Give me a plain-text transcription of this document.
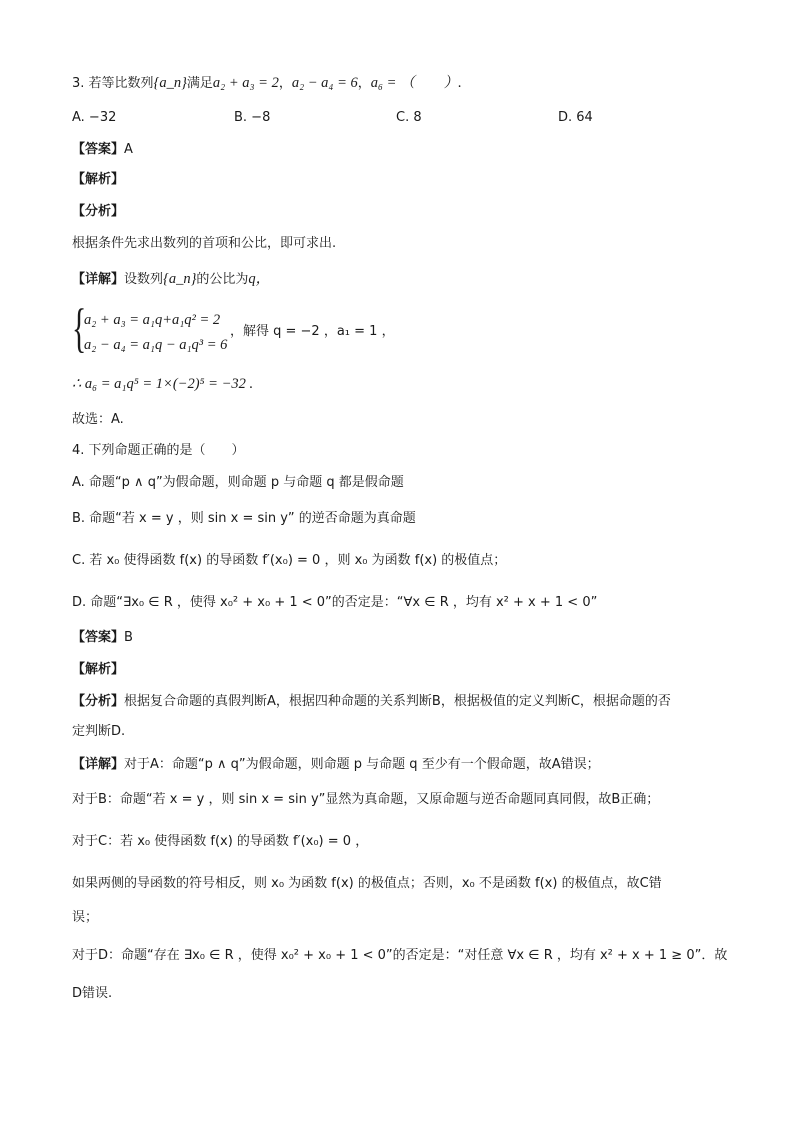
3. 若等比数列{a_n}满足a₂ + a₃ = 2，a₂ − a₄ = 6，a₆ = （　　）.
A. −32	B. −8	C. 8	D. 64
【答案】A
【解析】
【分析】
根据条件先求出数列的首项和公比，即可求出.
【详解】设数列{a_n}的公比为q，
{
a₂ + a₃ = a₁q+a₁q² = 2
a₂ − a₄ = a₁q − a₁q³ = 6
，解得 q = −2 ，a₁ = 1 ，
∴ a₆ = a₁q⁵ = 1×(−2)⁵ = −32 .
故选：A.
4. 下列命题正确的是（　　）
A. 命题“p ∧ q”为假命题，则命题 p 与命题 q 都是假命题
B. 命题“若 x = y ，则 sin x = sin y” 的逆否命题为真命题
C. 若 x₀ 使得函数 f(x) 的导函数 f′(x₀) = 0 ，则 x₀ 为函数 f(x) 的极值点；
D. 命题“∃x₀ ∈ R ，使得 x₀² + x₀ + 1 < 0”的否定是：“∀x ∈ R ，均有 x² + x + 1 < 0”
【答案】B
【解析】
【分析】根据复合命题的真假判断A，根据四种命题的关系判断B，根据极值的定义判断C，根据命题的否
定判断D.
【详解】对于A：命题“p ∧ q”为假命题，则命题 p 与命题 q 至少有一个假命题，故A错误；
对于B：命题“若 x = y ，则 sin x = sin y”显然为真命题，又原命题与逆否命题同真同假，故B正确；
对于C：若 x₀ 使得函数 f(x) 的导函数 f′(x₀) = 0 ，
如果两侧的导函数的符号相反，则 x₀ 为函数 f(x) 的极值点；否则，x₀ 不是函数 f(x) 的极值点，故C错
误；
对于D：命题“存在 ∃x₀ ∈ R ，使得 x₀² + x₀ + 1 < 0”的否定是：“对任意 ∀x ∈ R ，均有 x² + x + 1 ≥ 0”．故
D错误.
